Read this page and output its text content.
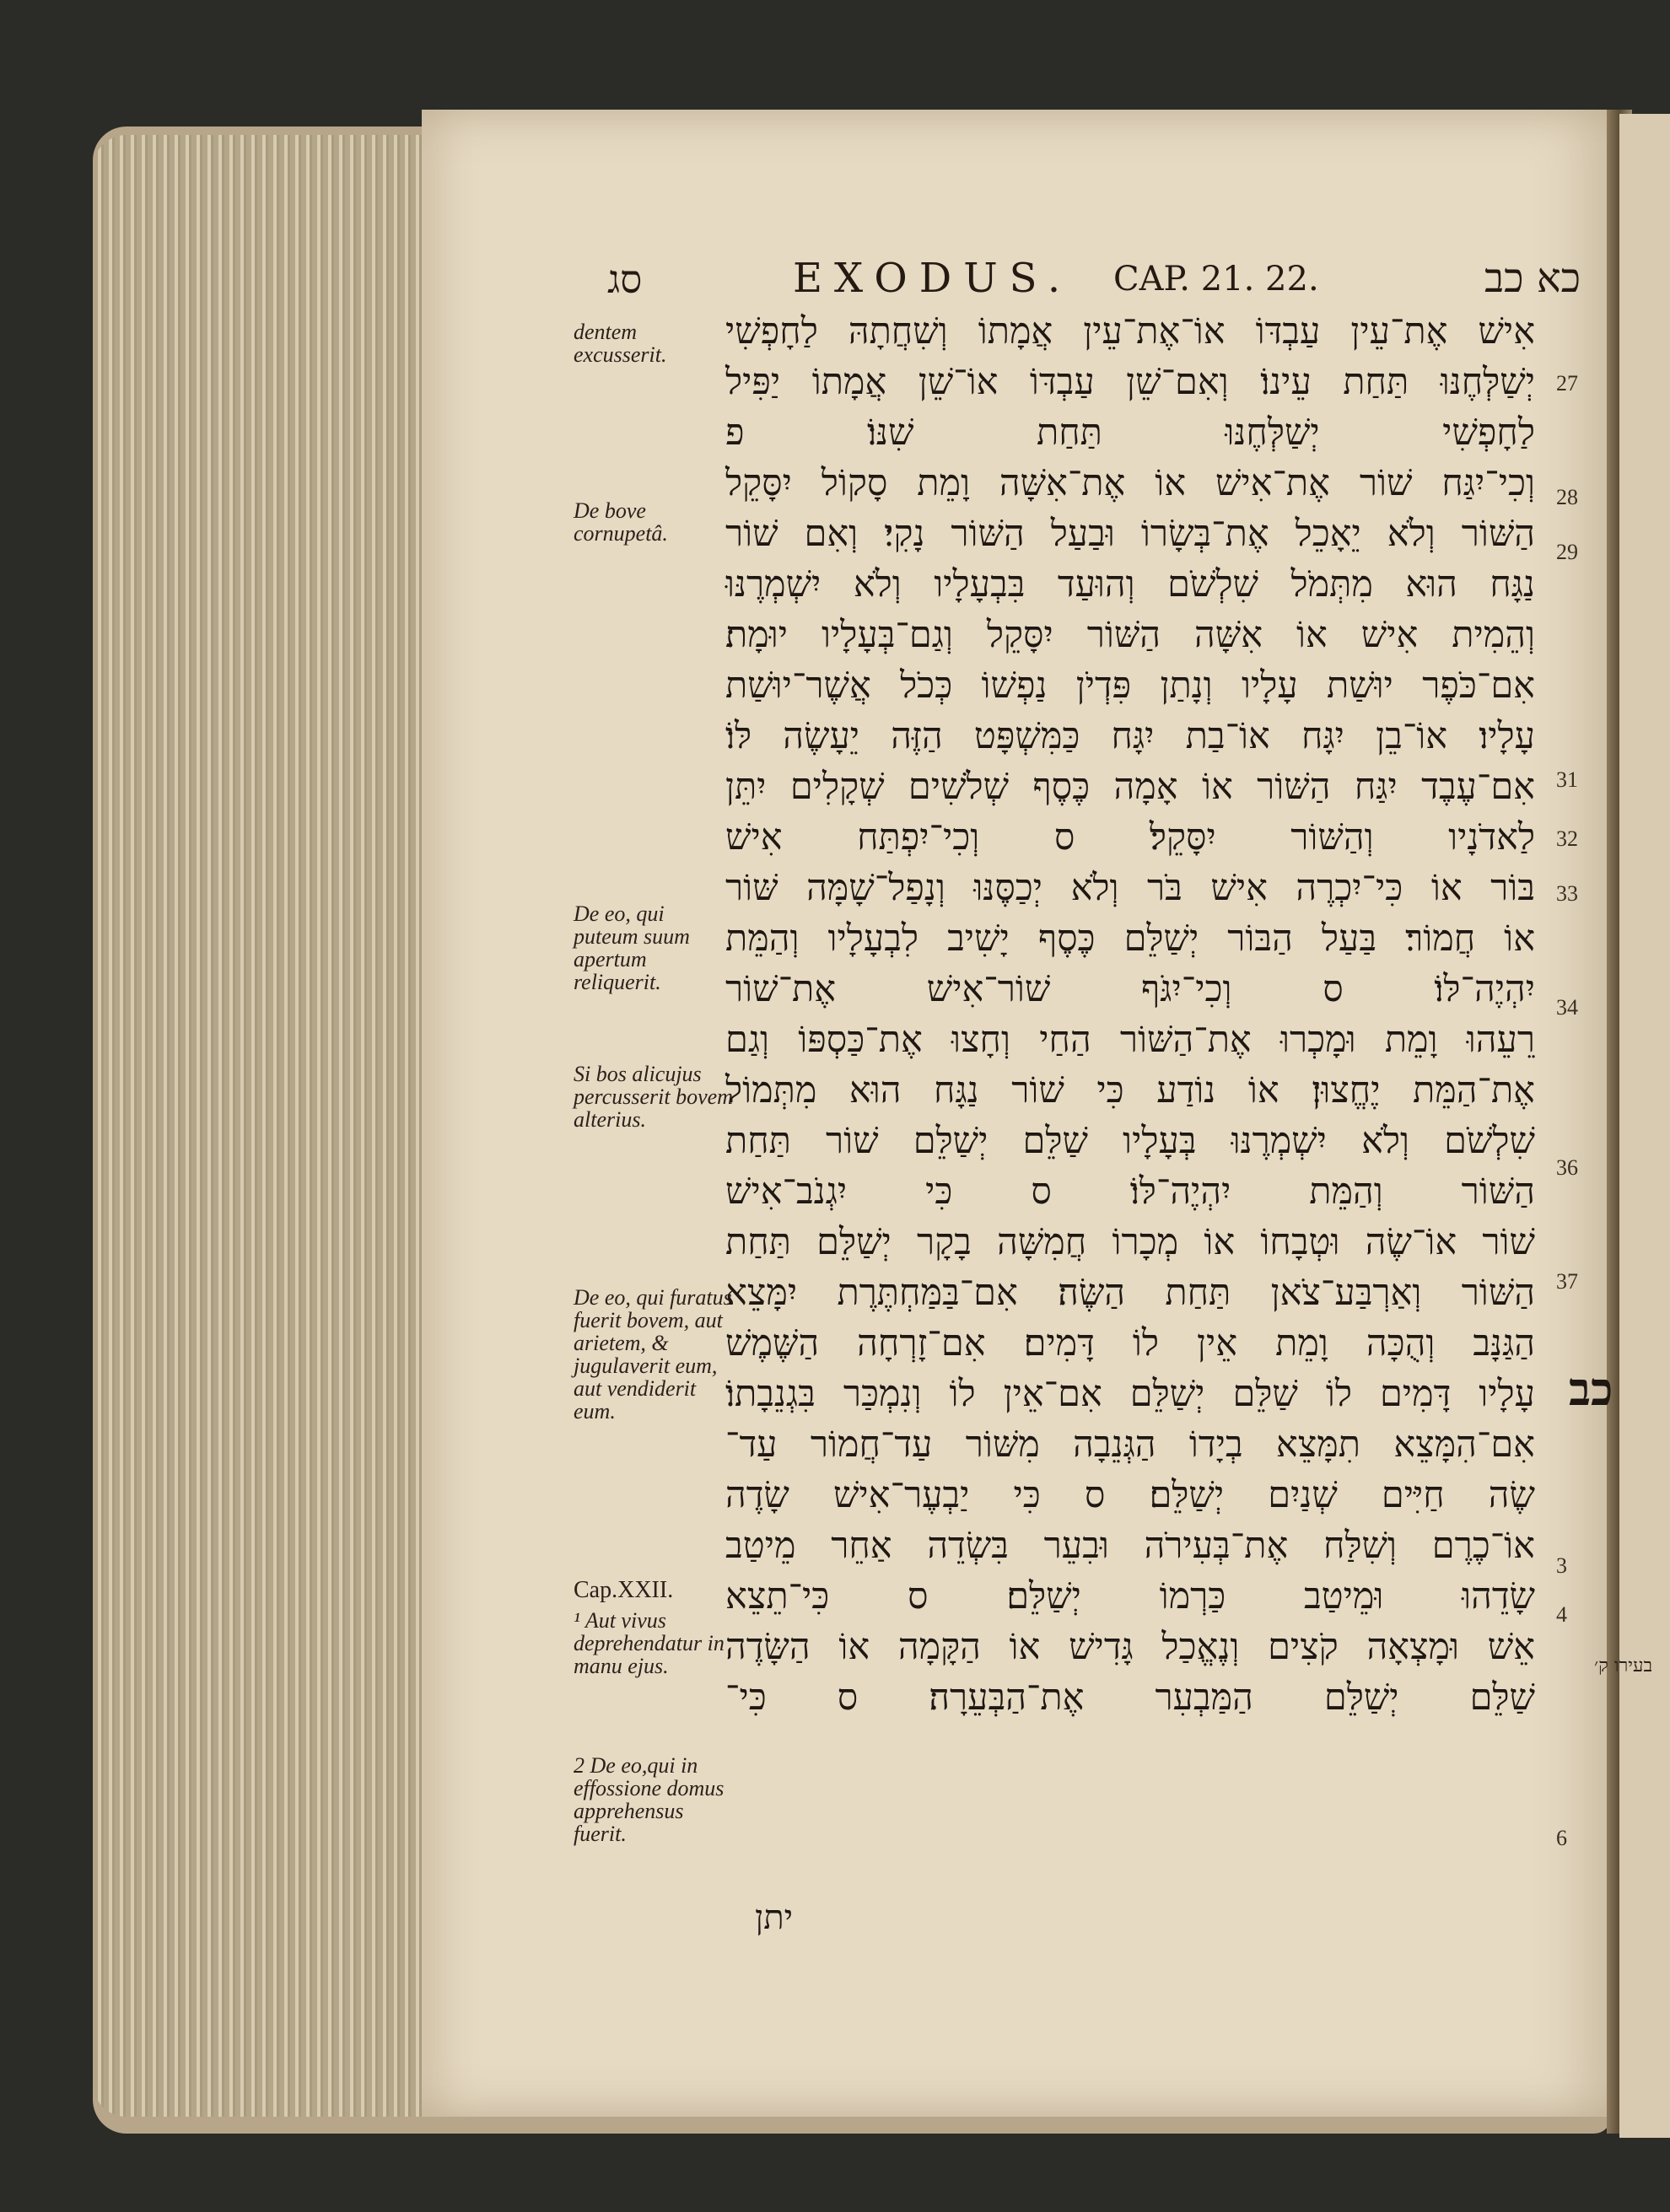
סג	EXODUS. CAP. 21. 22.	כא כב
dentem excusserit.
De bove cornupetâ.
De eo, qui puteum suum apertum reliquerit.
Si bos alicujus percusserit bovem alterius.
De eo, qui furatus fuerit bovem, aut arietem, & jugulaverit eum, aut vendiderit eum.
Cap.XXII.
¹ Aut vivus deprehendatur in manu ejus.
2 De eo,qui in effossione domus apprehensus fuerit.
אִישׁ אֶת־עֵין עַבְדּוֹ אוֹ־אֶת־עֵין אֲמָתוֹ וְשִׁחֲתָהּ לַחָפְשִׁי
יְשַׁלְּחֶנּוּ תַּחַת עֵינוֹ׃ וְאִם־שֵׁן עַבְדּוֹ אוֹ־שֵׁן אֲמָתוֹ יַפִּיל
לַחָפְשִׁי יְשַׁלְּחֶנּוּ תַּחַת שִׁנּוֹ׃ פ
וְכִי־יִגַּח שׁוֹר אֶת־אִישׁ אוֹ אֶת־אִשָּׁה וָמֵת סָקוֹל יִסָּקֵל
הַשּׁוֹר וְלֹא יֵאָכֵל אֶת־בְּשָׂרוֹ וּבַעַל הַשּׁוֹר נָקִי׃ וְאִם שׁוֹר
נַגָּח הוּא מִתְּמֹל שִׁלְשֹׁם וְהוּעַד בִּבְעָלָיו וְלֹא יִשְׁמְרֶנּוּ
וְהֵמִית אִישׁ אוֹ אִשָּׁה הַשּׁוֹר יִסָּקֵל וְגַם־בְּעָלָיו יוּמָת׃
אִם־כֹּפֶר יוּשַׁת עָלָיו וְנָתַן פִּדְיֹן נַפְשׁוֹ כְּכֹל אֲשֶׁר־יוּשַׁת
עָלָיו׃ אוֹ־בֵן יִגָּח אוֹ־בַת יִגָּח כַּמִּשְׁפָּט הַזֶּה יֵעָשֶׂה לּוֹ׃
אִם־עֶבֶד יִגַּח הַשּׁוֹר אוֹ אָמָה כֶּסֶף שְׁלֹשִׁים שְׁקָלִים יִתֵּן
לַאדֹנָיו וְהַשּׁוֹר יִסָּקֵל׃ ס וְכִי־יִפְתַּח אִישׁ
בּוֹר אוֹ כִּי־יִכְרֶה אִישׁ בֹּר וְלֹא יְכַסֶּנּוּ וְנָפַל־שָׁמָּה שּׁוֹר
אוֹ חֲמוֹר׃ בַּעַל הַבּוֹר יְשַׁלֵּם כֶּסֶף יָשִׁיב לִבְעָלָיו וְהַמֵּת
יִהְיֶה־לּוֹ׃ ס וְכִי־יִגֹּף שׁוֹר־אִישׁ אֶת־שׁוֹר
רֵעֵהוּ וָמֵת וּמָכְרוּ אֶת־הַשּׁוֹר הַחַי וְחָצוּ אֶת־כַּסְפּוֹ וְגַם
אֶת־הַמֵּת יֶחֱצוּן׃ אוֹ נוֹדַע כִּי שׁוֹר נַגָּח הוּא מִתְּמוֹל
שִׁלְשֹׁם וְלֹא יִשְׁמְרֶנּוּ בְּעָלָיו שַׁלֵּם יְשַׁלֵּם שׁוֹר תַּחַת
הַשּׁוֹר וְהַמֵּת יִהְיֶה־לּוֹ׃ ס כִּי יִגְנֹב־אִישׁ
שׁוֹר אוֹ־שֶׂה וּטְבָחוֹ אוֹ מְכָרוֹ חֲמִשָּׁה בָקָר יְשַׁלֵּם תַּחַת
הַשּׁוֹר וְאַרְבַּע־צֹאן תַּחַת הַשֶּׂה׃ אִם־בַּמַּחְתֶּרֶת יִמָּצֵא
הַגַּנָּב וְהֻכָּה וָמֵת אֵין לוֹ דָּמִים׃ אִם־זָרְחָה הַשֶּׁמֶשׁ
עָלָיו דָּמִים לוֹ שַׁלֵּם יְשַׁלֵּם אִם־אֵין לוֹ וְנִמְכַּר בִּגְנֵבָתוֹ׃
אִם־הִמָּצֵא תִמָּצֵא בְיָדוֹ הַגְּנֵבָה מִשּׁוֹר עַד־חֲמוֹר עַד־
שֶׂה חַיִּים שְׁנַיִם יְשַׁלֵּם׃ ס כִּי יַבְעֶר־אִישׁ שָׂדֶה
אוֹ־כֶרֶם וְשִׁלַּח אֶת־בְּעִירֹה וּבִעֵר בִּשְׂדֵה אַחֵר מֵיטַב
שָׂדֵהוּ וּמֵיטַב כַּרְמוֹ יְשַׁלֵּם׃ ס כִּי־תֵצֵא
אֵשׁ וּמָצְאָה קֹצִים וְנֶאֱכַל גָּדִישׁ אוֹ הַקָּמָה אוֹ הַשָּׂדֶה
שַׁלֵּם יְשַׁלֵּם הַמַּבְעִר אֶת־הַבְּעֵרָה׃ ס כִּי־
27
28
29
31
32
33
34
36
37
3
4
6
כב
בעירו ק׳
יתן
